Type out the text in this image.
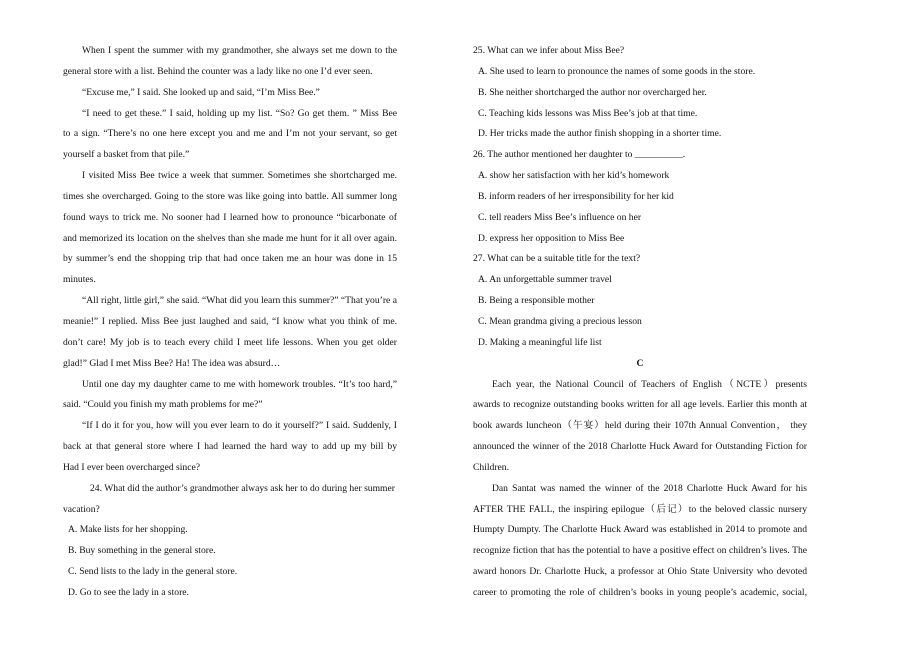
When I spent the summer with my grandmother, she always set me down to the
general store with a list. Behind the counter was a lady like no one I’d ever seen.
“Excuse me,” I said. She looked up and said, “I’m Miss Bee.”
“I need to get these.” I said, holding up my list. “So? Go get them. ” Miss Bee
to a sign. “There’s no one here except you and me and I’m not your servant, so get
yourself a basket from that pile.”
I visited Miss Bee twice a week that summer. Sometimes she shortcharged me.
times she overcharged. Going to the store was like going into battle. All summer long
found ways to trick me. No sooner had I learned how to pronounce “bicarbonate of
and memorized its location on the shelves than she made me hunt for it all over again.
by summer’s end the shopping trip that had once taken me an hour was done in 15
minutes.
“All right, little girl,” she said. “What did you learn this summer?” “That you’re a
meanie!” I replied. Miss Bee just laughed and said, “I know what you think of me.
don’t care! My job is to teach every child I meet life lessons. When you get older
glad!” Glad I met Miss Bee? Ha! The idea was absurd…
Until one day my daughter came to me with homework troubles. “It’s too hard,”
said. “Could you finish my math problems for me?”
“If I do it for you, how will you ever learn to do it yourself?” I said. Suddenly, I
back at that general store where I had learned the hard way to add up my bill by
Had I ever been overcharged since?
24. What did the author’s grandmother always ask her to do during her summer
vacation?
A. Make lists for her shopping.
B. Buy something in the general store.
C. Send lists to the lady in the general store.
D. Go to see the lady in a store.
25. What can we infer about Miss Bee?
A. She used to learn to pronounce the names of some goods in the store.
B. She neither shortcharged the author nor overcharged her.
C. Teaching kids lessons was Miss Bee’s job at that time.
D. Her tricks made the author finish shopping in a shorter time.
26. The author mentioned her daughter to __________.
A. show her satisfaction with her kid’s homework
B. inform readers of her irresponsibility for her kid
C. tell readers Miss Bee’s influence on her
D. express her opposition to Miss Bee
27. What can be a suitable title for the text?
A. An unforgettable summer travel
B. Being a responsible mother
C. Mean grandma giving a precious lesson
D. Making a meaningful life list
C
Each year, the National Council of Teachers of English（NCTE）presents
awards to recognize outstanding books written for all age levels. Earlier this month at
book awards luncheon（午宴）held during their 107th Annual Convention， they
announced the winner of the 2018 Charlotte Huck Award for Outstanding Fiction for
Children.
Dan Santat was named the winner of the 2018 Charlotte Huck Award for his
AFTER THE FALL, the inspiring epilogue（后记）to the beloved classic nursery
Humpty Dumpty. The Charlotte Huck Award was established in 2014 to promote and
recognize fiction that has the potential to have a positive effect on children’s lives. The
award honors Dr. Charlotte Huck, a professor at Ohio State University who devoted
career to promoting the role of children’s books in young people’s academic, social,
